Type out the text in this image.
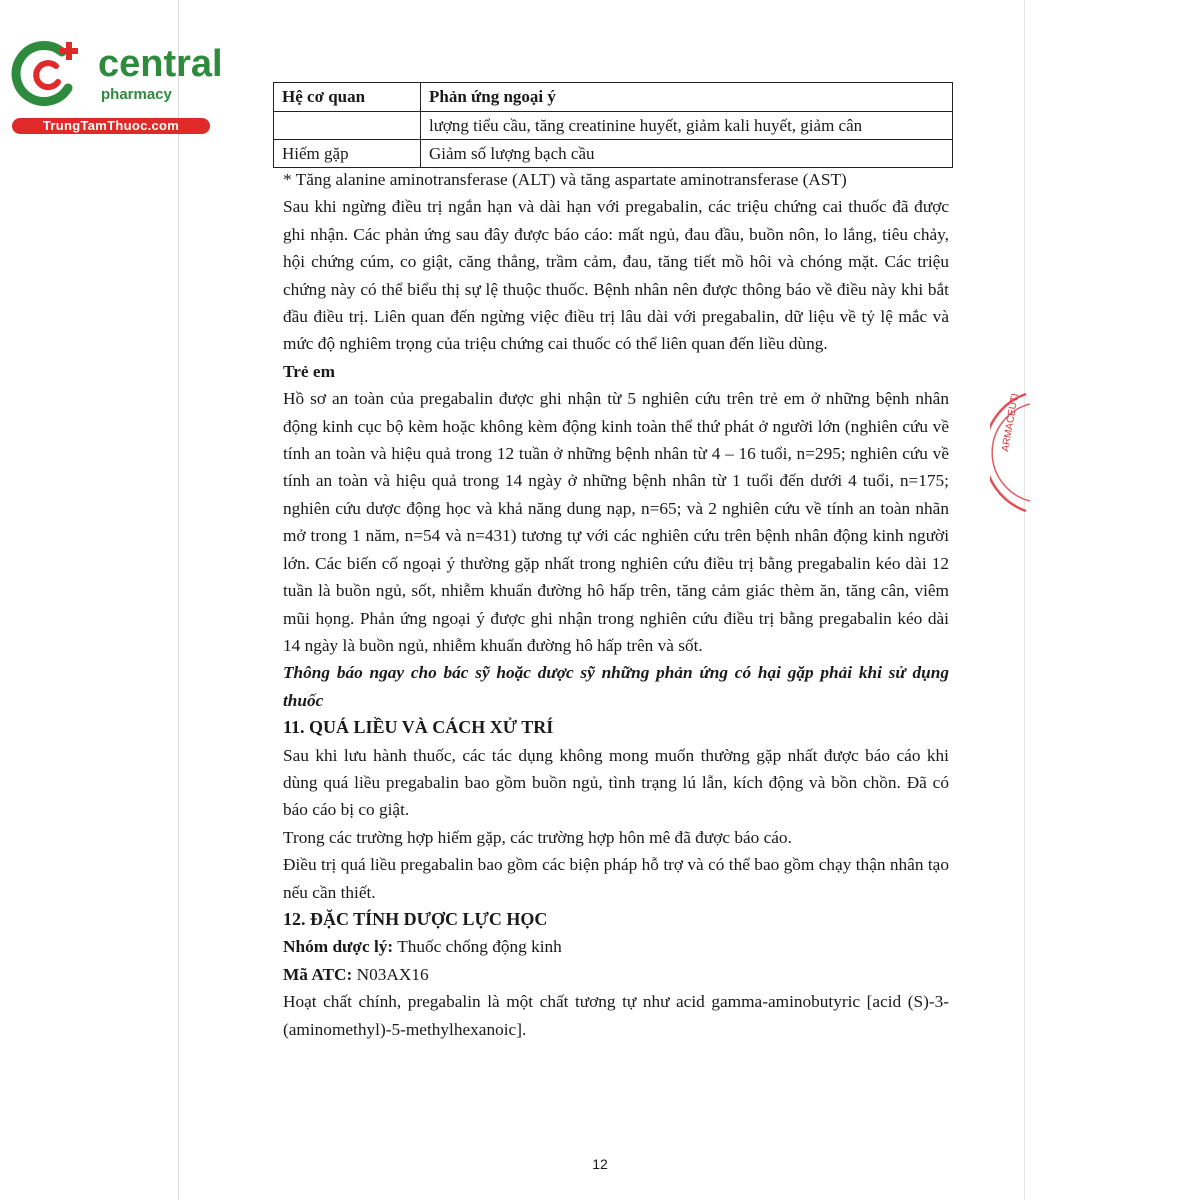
central
pharmacy
TrungTamThuoc.com
ARMACEUTI
Hệ cơ quan	Phản ứng ngoại ý
	lượng tiểu cầu, tăng creatinine huyết, giảm kali huyết, giảm cân
Hiếm gặp	Giảm số lượng bạch cầu

* Tăng alanine aminotransferase (ALT) và tăng aspartate aminotransferase (AST)

Sau khi ngừng điều trị ngắn hạn và dài hạn với pregabalin, các triệu chứng cai thuốc đã được ghi nhận. Các phản ứng sau đây được báo cáo: mất ngủ, đau đầu, buồn nôn, lo lắng, tiêu chảy, hội chứng cúm, co giật, căng thẳng, trầm cảm, đau, tăng tiết mồ hôi và chóng mặt. Các triệu chứng này có thể biểu thị sự lệ thuộc thuốc. Bệnh nhân nên được thông báo về điều này khi bắt đầu điều trị. Liên quan đến ngừng việc điều trị lâu dài với pregabalin, dữ liệu về tỷ lệ mắc và mức độ nghiêm trọng của triệu chứng cai thuốc có thể liên quan đến liều dùng.

Trẻ em

Hồ sơ an toàn của pregabalin được ghi nhận từ 5 nghiên cứu trên trẻ em ở những bệnh nhân động kinh cục bộ kèm hoặc không kèm động kinh toàn thể thứ phát ở người lớn (nghiên cứu về tính an toàn và hiệu quả trong 12 tuần ở những bệnh nhân từ 4 – 16 tuổi, n=295; nghiên cứu về tính an toàn và hiệu quả trong 14 ngày ở những bệnh nhân từ 1 tuổi đến dưới 4 tuổi, n=175; nghiên cứu dược động học và khả năng dung nạp, n=65; và 2 nghiên cứu về tính an toàn nhãn mở trong 1 năm, n=54 và n=431) tương tự với các nghiên cứu trên bệnh nhân động kinh người lớn. Các biến cố ngoại ý thường gặp nhất trong nghiên cứu điều trị bằng pregabalin kéo dài 12 tuần là buồn ngủ, sốt, nhiễm khuẩn đường hô hấp trên, tăng cảm giác thèm ăn, tăng cân, viêm mũi họng. Phản ứng ngoại ý được ghi nhận trong nghiên cứu điều trị bằng pregabalin kéo dài 14 ngày là buồn ngủ, nhiễm khuẩn đường hô hấp trên và sốt.

Thông báo ngay cho bác sỹ hoặc dược sỹ những phản ứng có hại gặp phải khi sử dụng thuốc

11. QUÁ LIỀU VÀ CÁCH XỬ TRÍ

Sau khi lưu hành thuốc, các tác dụng không mong muốn thường gặp nhất được báo cáo khi dùng quá liều pregabalin bao gồm buồn ngủ, tình trạng lú lẫn, kích động và bồn chồn. Đã có báo cáo bị co giật.

Trong các trường hợp hiếm gặp, các trường hợp hôn mê đã được báo cáo.

Điều trị quá liều pregabalin bao gồm các biện pháp hỗ trợ và có thể bao gồm chạy thận nhân tạo nếu cần thiết.

12. ĐẶC TÍNH DƯỢC LỰC HỌC

Nhóm dược lý: Thuốc chống động kinh

Mã ATC: N03AX16

Hoạt chất chính, pregabalin là một chất tương tự như acid gamma-aminobutyric [acid (S)-3-(aminomethyl)-5-methylhexanoic].

12
